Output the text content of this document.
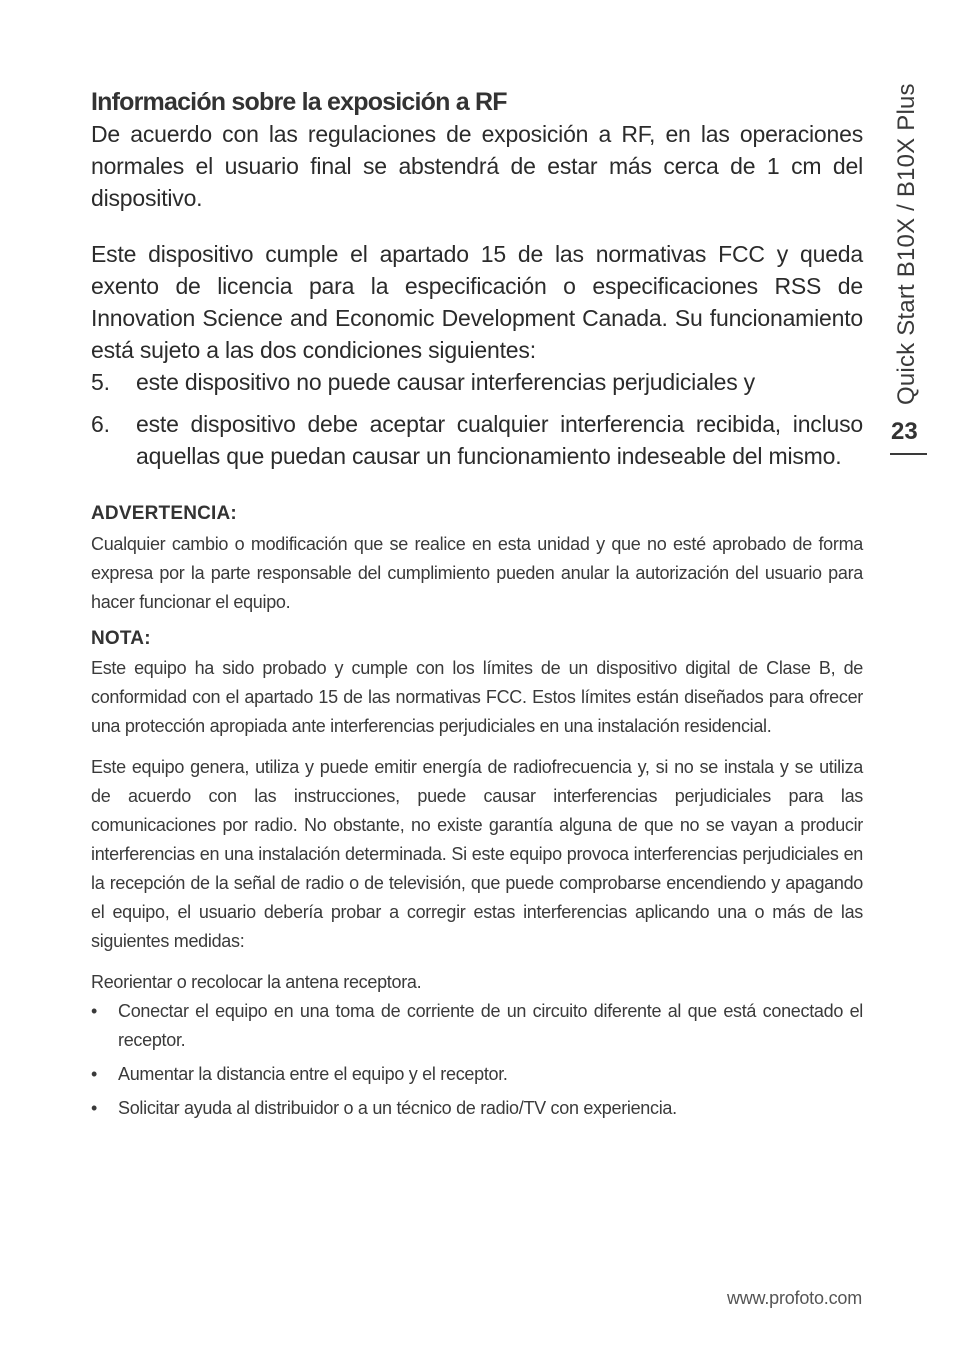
Información sobre la exposición a RF

De acuerdo con las regulaciones de exposición a RF, en las operaciones normales el usuario final se abstendrá de estar más cerca de 1 cm del dispositivo.

Este dispositivo cumple el apartado 15 de las normativas FCC y queda exento de licencia para la especificación o especificaciones RSS de Innovation Science and Economic Development Canada. Su funcionamiento está sujeto a las dos condiciones siguientes:

5. este dispositivo no puede causar interferencias perjudiciales y
6. este dispositivo debe aceptar cualquier interferencia recibida, incluso aquellas que puedan causar un funcionamiento indeseable del mismo.
ADVERTENCIA:

Cualquier cambio o modificación que se realice en esta unidad y que no esté aprobado de forma expresa por la parte responsable del cumplimiento pueden anular la autorización del usuario para hacer funcionar el equipo.

NOTA:

Este equipo ha sido probado y cumple con los límites de un dispositivo digital de Clase B, de conformidad con el apartado 15 de las normativas FCC. Estos límites están diseñados para ofrecer una protección apropiada ante interferencias perjudiciales en una instalación residencial.

Este equipo genera, utiliza y puede emitir energía de radiofrecuencia y, si no se instala y se utiliza de acuerdo con las instrucciones, puede causar interferencias perjudiciales para las comunicaciones por radio. No obstante, no existe garantía alguna de que no se vayan a producir interferencias en una instalación determinada. Si este equipo provoca interferencias perjudiciales en la recepción de la señal de radio o de televisión, que puede comprobarse encendiendo y apagando el equipo, el usuario debería probar a corregir estas interferencias aplicando una o más de las siguientes medidas:

Reorientar o recolocar la antena receptora.

• Conectar el equipo en una toma de corriente de un circuito diferente al que está conectado el receptor.
• Aumentar la distancia entre el equipo y el receptor.
• Solicitar ayuda al distribuidor o a un técnico de radio/TV con experiencia.
Quick Start B10X / B10X Plus
23
www.profoto.com
